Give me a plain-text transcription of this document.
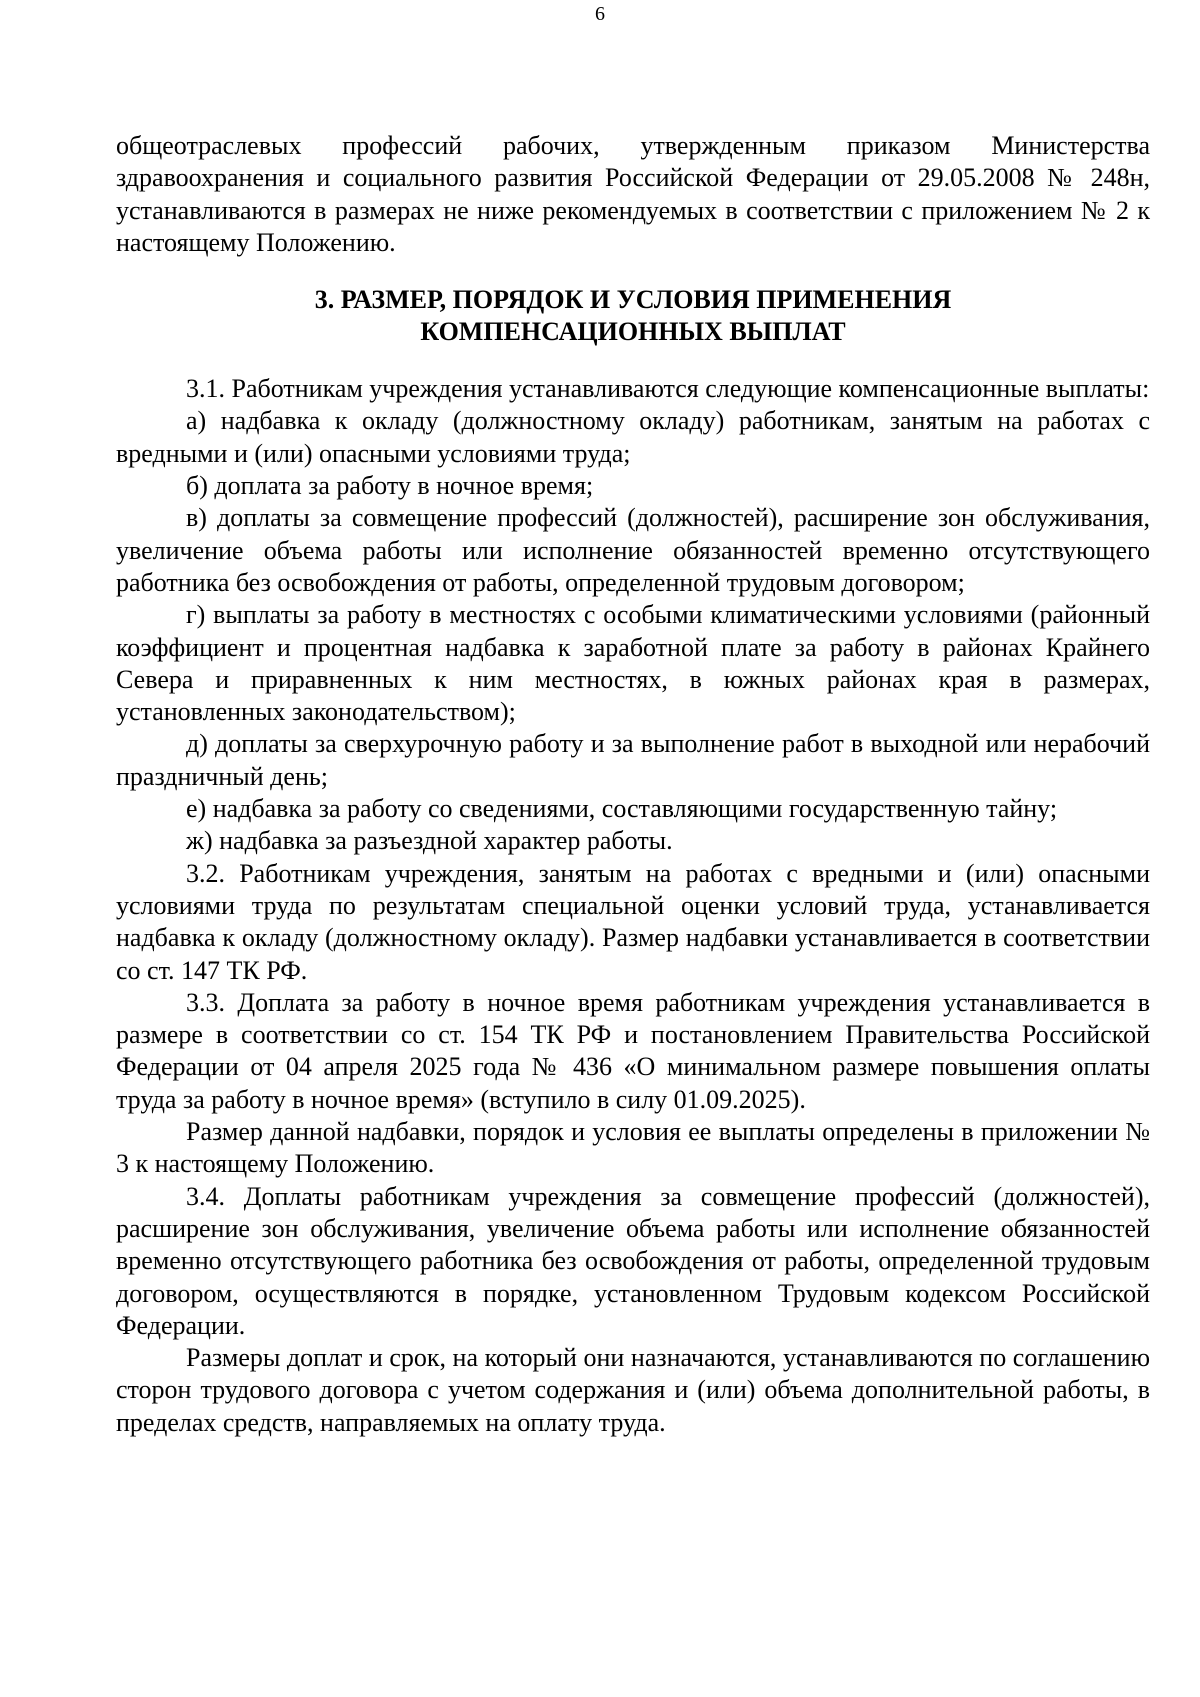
6

общеотраслевых профессий рабочих, утвержденным приказом Министерства здравоохранения и социального развития Российской Федерации от 29.05.2008 № 248н, устанавливаются в размерах не ниже рекомендуемых в соответствии с приложением № 2 к настоящему Положению.

3. РАЗМЕР, ПОРЯДОК И УСЛОВИЯ ПРИМЕНЕНИЯ
КОМПЕНСАЦИОННЫХ ВЫПЛАТ

3.1. Работникам учреждения устанавливаются следующие компенсационные выплаты:

а) надбавка к окладу (должностному окладу) работникам, занятым на работах с вредными и (или) опасными условиями труда;

б) доплата за работу в ночное время;

в) доплаты за совмещение профессий (должностей), расширение зон обслуживания, увеличение объема работы или исполнение обязанностей временно отсутствующего работника без освобождения от работы, определенной трудовым договором;

г) выплаты за работу в местностях с особыми климатическими условиями (районный коэффициент и процентная надбавка к заработной плате за работу в районах Крайнего Севера и приравненных к ним местностях, в южных районах края в размерах, установленных законодательством);

д) доплаты за сверхурочную работу и за выполнение работ в выходной или нерабочий праздничный день;

е) надбавка за работу со сведениями, составляющими государственную тайну;

ж) надбавка за разъездной характер работы.

3.2. Работникам учреждения, занятым на работах с вредными и (или) опасными условиями труда по результатам специальной оценки условий труда, устанавливается надбавка к окладу (должностному окладу). Размер надбавки устанавливается в соответствии со ст. 147 ТК РФ.

3.3. Доплата за работу в ночное время работникам учреждения устанавливается в размере в соответствии со ст. 154 ТК РФ и постановлением Правительства Российской Федерации от 04 апреля 2025 года № 436 «О минимальном размере повышения оплаты труда за работу в ночное время» (вступило в силу 01.09.2025).

Размер данной надбавки, порядок и условия ее выплаты определены в приложении № 3 к настоящему Положению.

3.4. Доплаты работникам учреждения за совмещение профессий (должностей), расширение зон обслуживания, увеличение объема работы или исполнение обязанностей временно отсутствующего работника без освобождения от работы, определенной трудовым договором, осуществляются в порядке, установленном Трудовым кодексом Российской Федерации.

Размеры доплат и срок, на который они назначаются, устанавливаются по соглашению сторон трудового договора с учетом содержания и (или) объема дополнительной работы, в пределах средств, направляемых на оплату труда.
